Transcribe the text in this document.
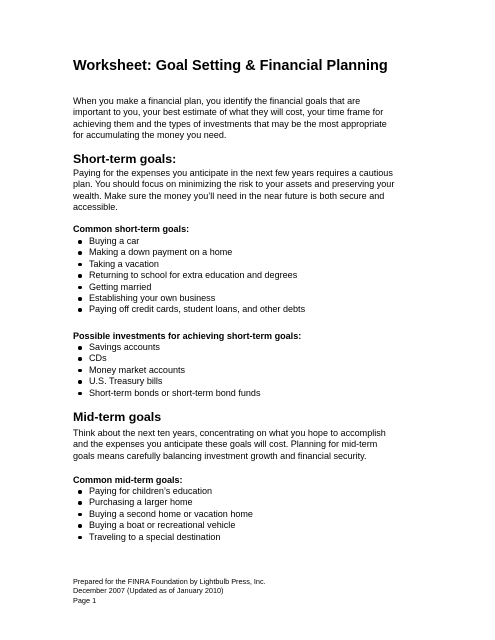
Worksheet: Goal Setting & Financial Planning

When you make a financial plan, you identify the financial goals that are

important to you, your best estimate of what they will cost, your time frame for

achieving them and the types of investments that may be the most appropriate

for accumulating the money you need.

Short-term goals:

Paying for the expenses you anticipate in the next few years requires a cautious

plan. You should focus on minimizing the risk to your assets and preserving your

wealth. Make sure the money you’ll need in the near future is both secure and

accessible.

Common short-term goals:

Buying a car
Making a down payment on a home
Taking a vacation
Returning to school for extra education and degrees
Getting married
Establishing your own business
Paying off credit cards, student loans, and other debts

Possible investments for achieving short-term goals:

Savings accounts
CDs
Money market accounts
U.S. Treasury bills
Short-term bonds or short-term bond funds
Mid-term goals

Think about the next ten years, concentrating on what you hope to accomplish

and the expenses you anticipate these goals will cost. Planning for mid-term

goals means carefully balancing investment growth and financial security.

Common mid-term goals:

Paying for children’s education
Purchasing a larger home
Buying a second home or vacation home
Buying a boat or recreational vehicle
Traveling to a special destination
Prepared for the FINRA Foundation by Lightbulb Press, Inc.
December 2007 (Updated as of January 2010)
Page 1
